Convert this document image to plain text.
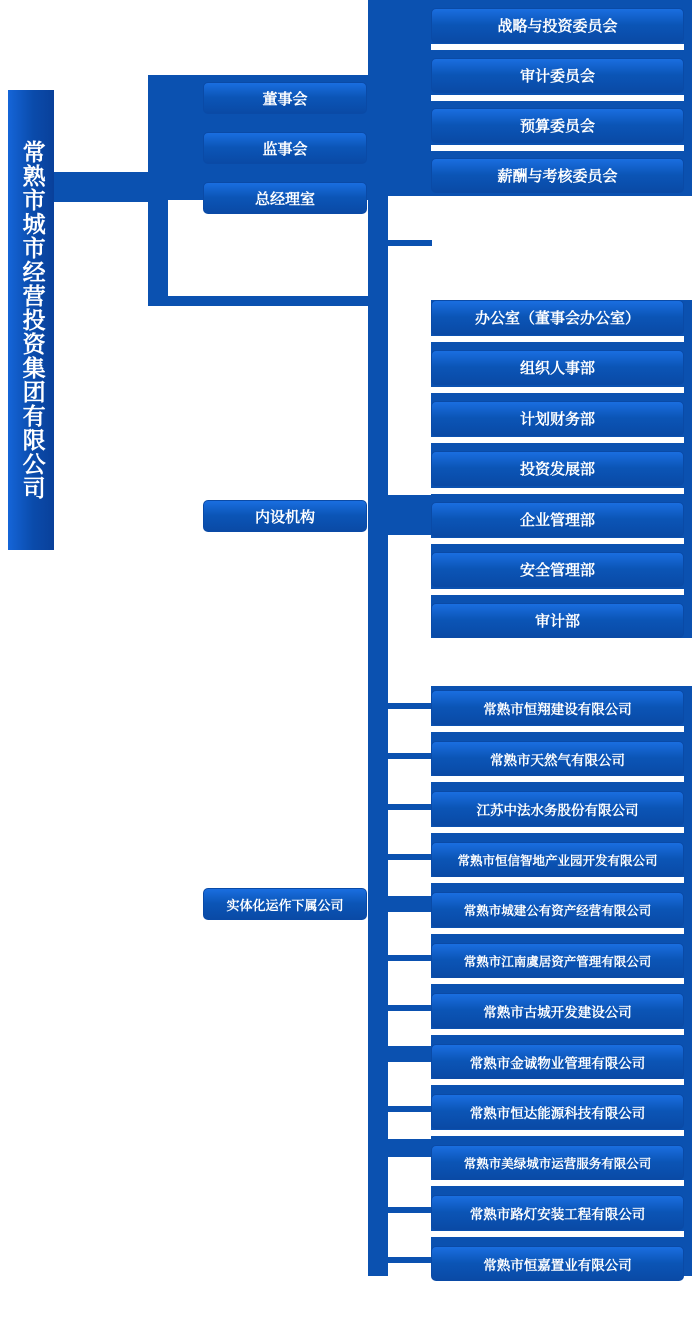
常熟市城市经营投资集团有限公司
董事会
监事会
总经理室
内设机构
实体化运作下属公司
战略与投资委员会
审计委员会
预算委员会
薪酬与考核委员会
办公室（董事会办公室）
组织人事部
计划财务部
投资发展部
企业管理部
安全管理部
审计部
常熟市恒翔建设有限公司
常熟市天然气有限公司
江苏中法水务股份有限公司
常熟市恒信智地产业园开发有限公司
常熟市城建公有资产经营有限公司
常熟市江南虞居资产管理有限公司
常熟市古城开发建设公司
常熟市金诚物业管理有限公司
常熟市恒达能源科技有限公司
常熟市美绿城市运营服务有限公司
常熟市路灯安装工程有限公司
常熟市恒嘉置业有限公司
